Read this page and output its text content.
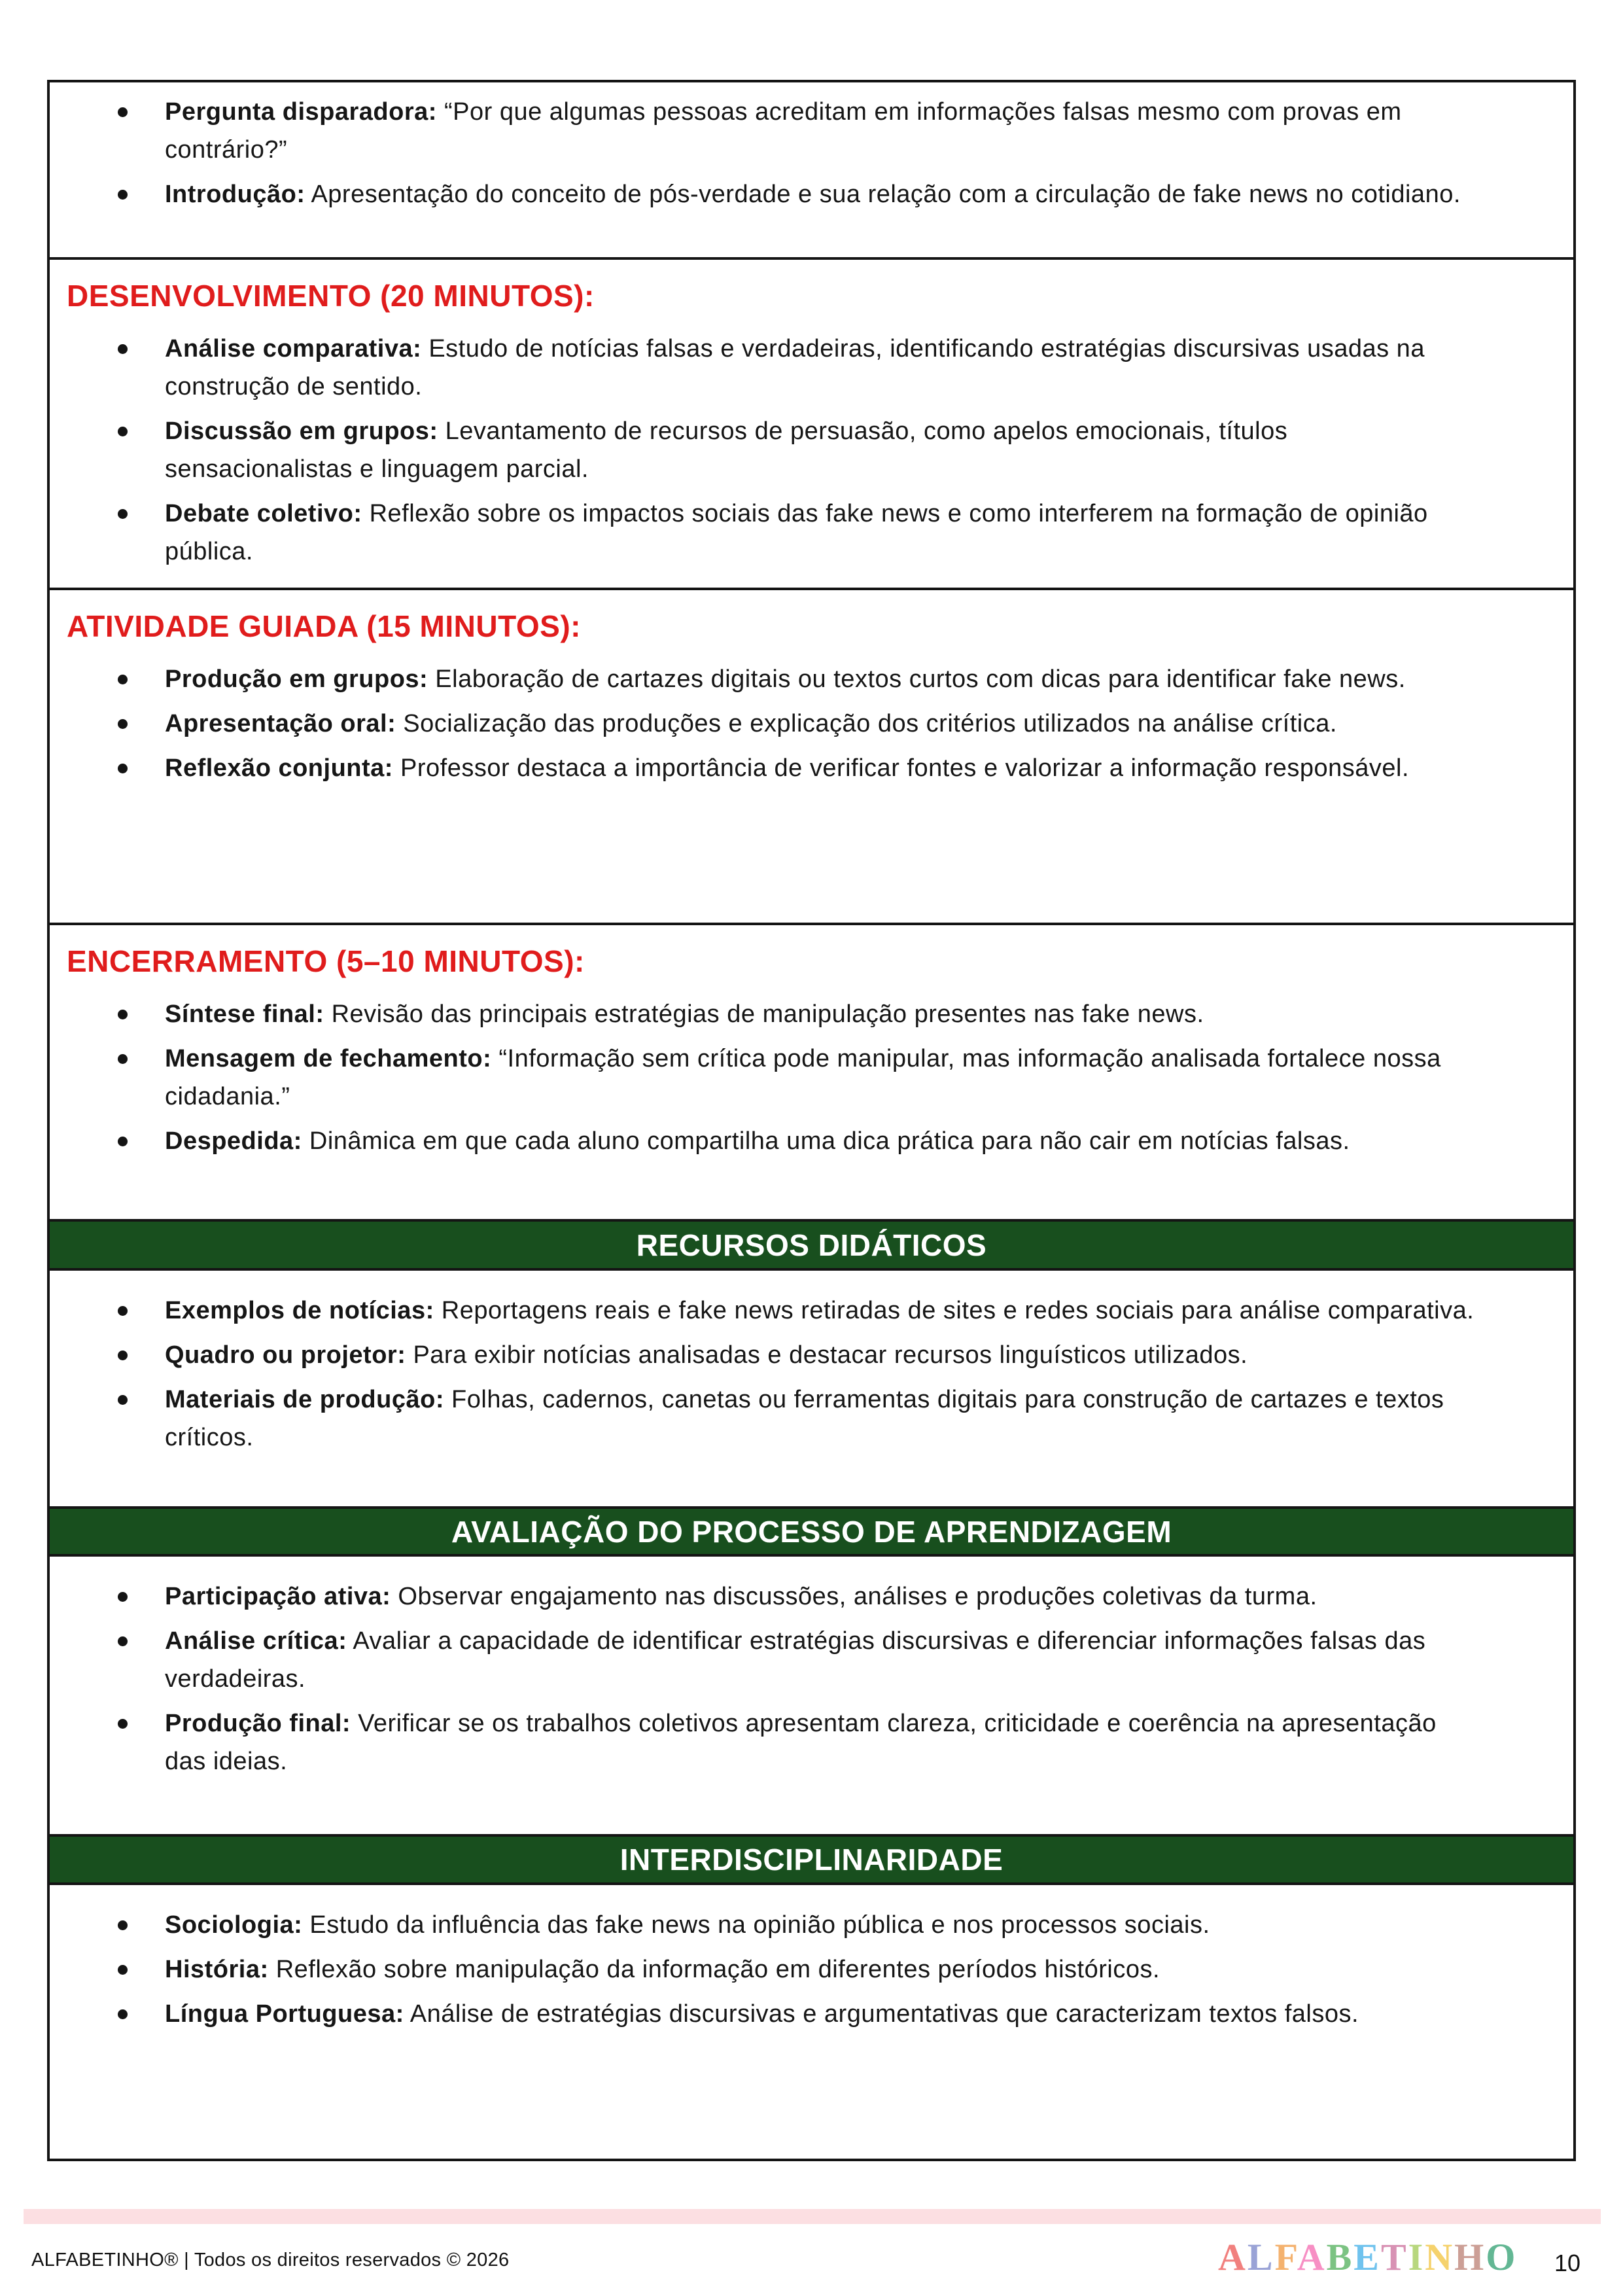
Pergunta disparadora: “Por que algumas pessoas acreditam em informações falsas mesmo com provas em contrário?”
Introdução: Apresentação do conceito de pós-verdade e sua relação com a circulação de fake news no cotidiano.
DESENVOLVIMENTO (20 MINUTOS):
Análise comparativa: Estudo de notícias falsas e verdadeiras, identificando estratégias discursivas usadas na construção de sentido.
Discussão em grupos: Levantamento de recursos de persuasão, como apelos emocionais, títulos sensacionalistas e linguagem parcial.
Debate coletivo: Reflexão sobre os impactos sociais das fake news e como interferem na formação de opinião pública.
ATIVIDADE GUIADA (15 MINUTOS):
Produção em grupos: Elaboração de cartazes digitais ou textos curtos com dicas para identificar fake news.
Apresentação oral: Socialização das produções e explicação dos critérios utilizados na análise crítica.
Reflexão conjunta: Professor destaca a importância de verificar fontes e valorizar a informação responsável.
ENCERRAMENTO (5–10 MINUTOS):
Síntese final: Revisão das principais estratégias de manipulação presentes nas fake news.
Mensagem de fechamento: “Informação sem crítica pode manipular, mas informação analisada fortalece nossa cidadania.”
Despedida: Dinâmica em que cada aluno compartilha uma dica prática para não cair em notícias falsas.
RECURSOS DIDÁTICOS
Exemplos de notícias: Reportagens reais e fake news retiradas de sites e redes sociais para análise comparativa.
Quadro ou projetor: Para exibir notícias analisadas e destacar recursos linguísticos utilizados.
Materiais de produção: Folhas, cadernos, canetas ou ferramentas digitais para construção de cartazes e textos críticos.
AVALIAÇÃO DO PROCESSO DE APRENDIZAGEM
Participação ativa: Observar engajamento nas discussões, análises e produções coletivas da turma.
Análise crítica: Avaliar a capacidade de identificar estratégias discursivas e diferenciar informações falsas das verdadeiras.
Produção final: Verificar se os trabalhos coletivos apresentam clareza, criticidade e coerência na apresentação das ideias.
INTERDISCIPLINARIDADE
Sociologia: Estudo da influência das fake news na opinião pública e nos processos sociais.
História: Reflexão sobre manipulação da informação em diferentes períodos históricos.
Língua Portuguesa: Análise de estratégias discursivas e argumentativas que caracterizam textos falsos.
ALFABETINHO® | Todos os direitos reservados © 2026	ALFABETINHO 10
